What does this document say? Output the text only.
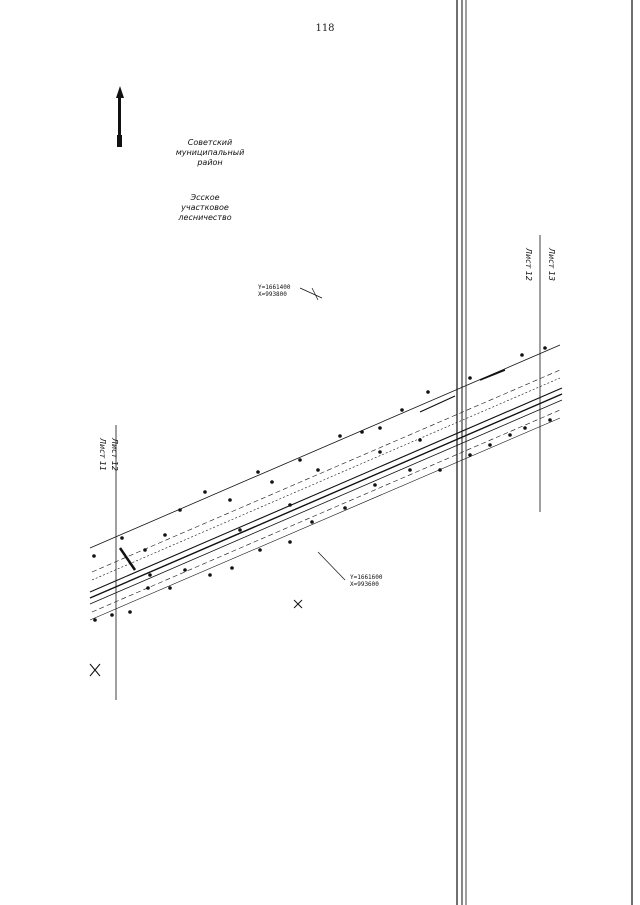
118
Советский
муниципальный
район
Эсское
участковое
лесничество
Y=1661400
X=993800
Y=1661600
X=993600
Лист 12
Лист 11
Лист 13
Лист 12
